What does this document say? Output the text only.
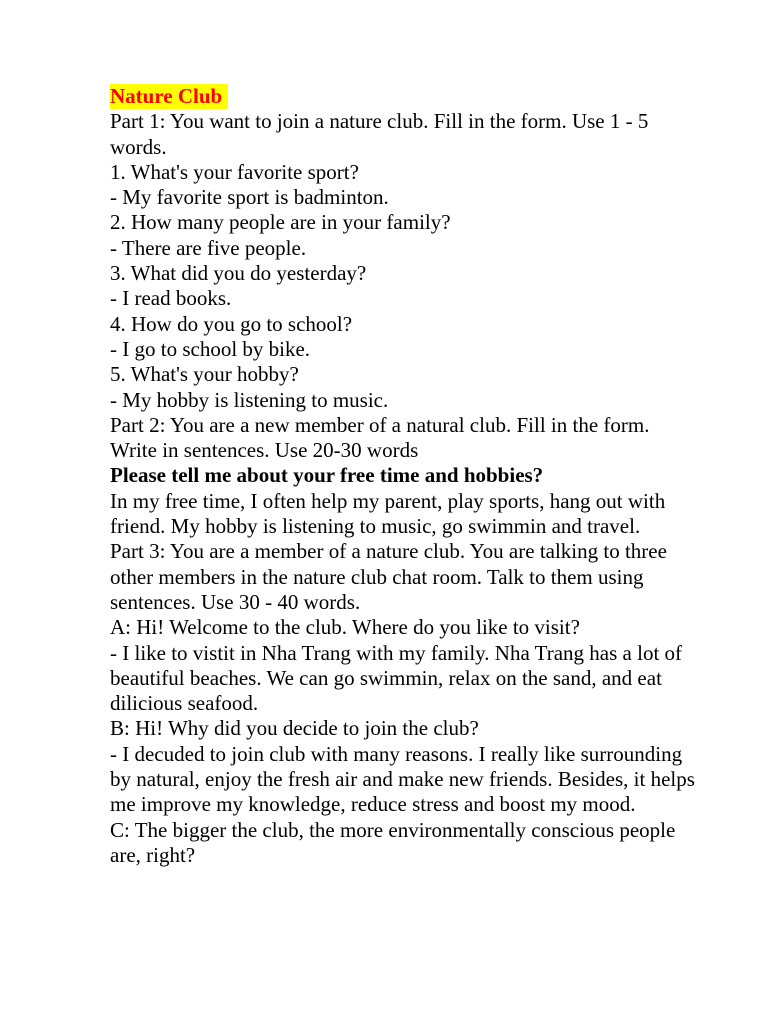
Nature Club

Part 1: You want to join a nature club. Fill in the form. Use 1 - 5 words.

1. What's your favorite sport?

- My favorite sport is badminton.

2. How many people are in your family?

- There are five people.

3. What did you do yesterday?

- I read books.

4. How do you go to school?

- I go to school by bike.

5. What's your hobby?

- My hobby is listening to music.

Part 2: You are a new member of a natural club. Fill in the form. Write in sentences. Use 20-30 words

Please tell me about your free time and hobbies?

In my free time, I often help my parent, play sports, hang out with friend. My hobby is listening to music, go swimmin and travel.

Part 3: You are a member of a nature club. You are talking to three other members in the nature club chat room. Talk to them using sentences. Use 30 - 40 words.

A: Hi! Welcome to the club. Where do you like to visit?

- I like to vistit in Nha Trang with my family. Nha Trang has a lot of beautiful beaches. We can go swimmin, relax on the sand, and eat dilicious seafood.

B: Hi! Why did you decide to join the club?

- I decuded to join club with many reasons. I really like surrounding by natural, enjoy the fresh air and make new friends. Besides, it helps me improve my knowledge, reduce stress and boost my mood.

C: The bigger the club, the more environmentally conscious people are, right?
